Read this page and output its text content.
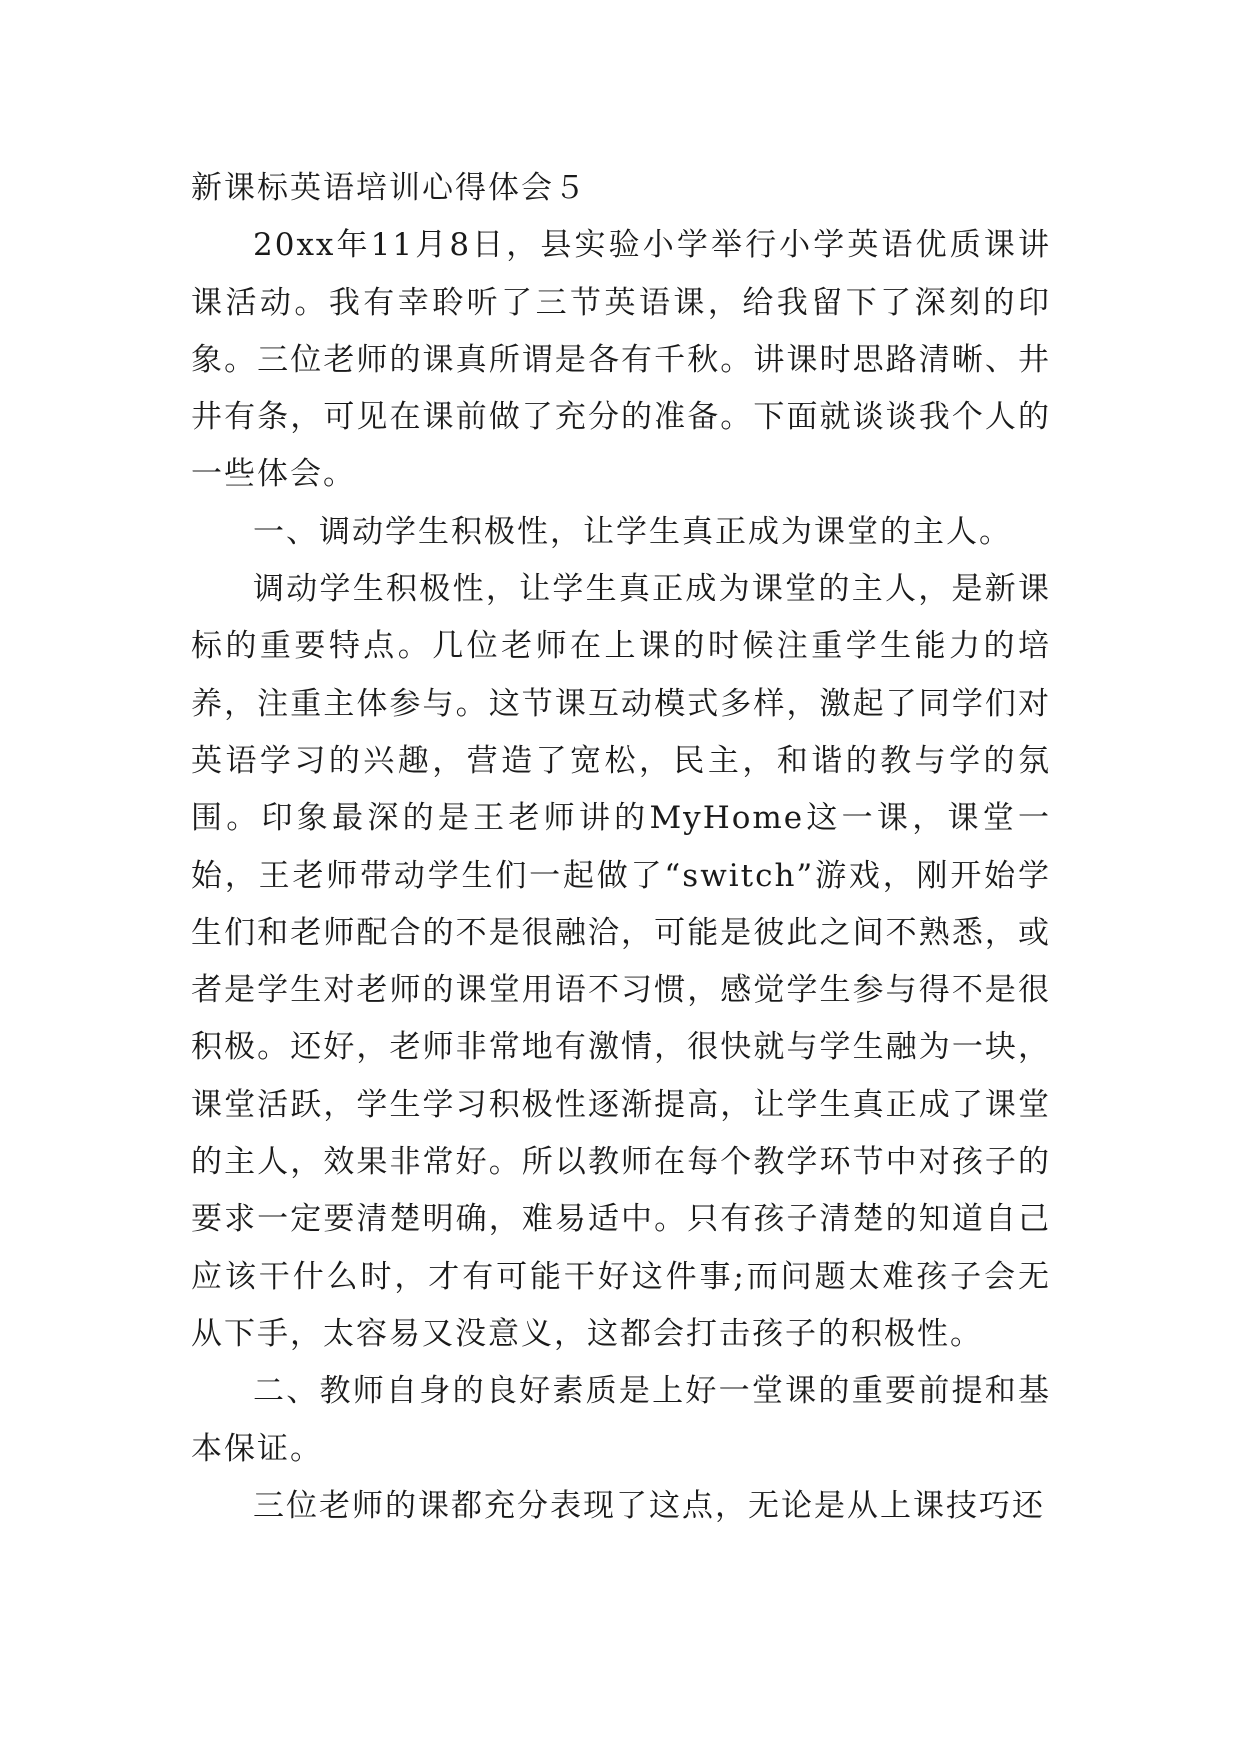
新课标英语培训心得体会５

20xx年11月8日，县实验小学举行小学英语优质课讲课活动。我有幸聆听了三节英语课，给我留下了深刻的印象。三位老师的课真所谓是各有千秋。讲课时思路清晰、井井有条，可见在课前做了充分的准备。下面就谈谈我个人的一些体会。

一、调动学生积极性，让学生真正成为课堂的主人。

调动学生积极性，让学生真正成为课堂的主人，是新课标的重要特点。几位老师在上课的时候注重学生能力的培养，注重主体参与。这节课互动模式多样，激起了同学们对英语学习的兴趣，营造了宽松，民主，和谐的教与学的氛围。印象最深的是王老师讲的MyHome这一课，课堂一始，王老师带动学生们一起做了“switch”游戏，刚开始学生们和老师配合的不是很融洽，可能是彼此之间不熟悉，或者是学生对老师的课堂用语不习惯，感觉学生参与得不是很积极。还好，老师非常地有激情，很快就与学生融为一块，课堂活跃，学生学习积极性逐渐提高，让学生真正成了课堂的主人，效果非常好。所以教师在每个教学环节中对孩子的要求一定要清楚明确，难易适中。只有孩子清楚的知道自己应该干什么时，才有可能干好这件事;而问题太难孩子会无从下手，太容易又没意义，这都会打击孩子的积极性。

二、教师自身的良好素质是上好一堂课的重要前提和基本保证。

三位老师的课都充分表现了这点，无论是从上课技巧还
